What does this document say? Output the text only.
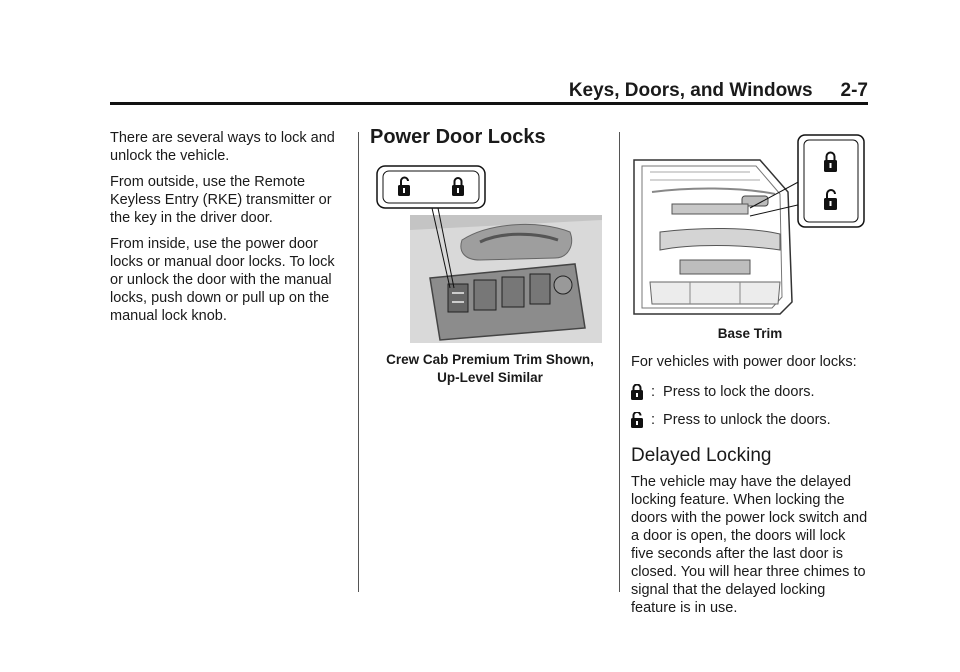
Keys, Doors, and Windows 2-7

There are several ways to lock and unlock the vehicle.

From outside, use the Remote Keyless Entry (RKE) transmitter or the key in the driver door.

From inside, use the power door locks or manual door locks. To lock or unlock the door with the manual locks, push down or pull up on the manual lock knob.

Power Door Locks
Crew Cab Premium Trim Shown,
Up-Level Similar
Base Trim

For vehicles with power door locks:

: Press to lock the doors.
: Press to unlock the doors.
Delayed Locking

The vehicle may have the delayed locking feature. When locking the doors with the power lock switch and a door is open, the doors will lock five seconds after the last door is closed. You will hear three chimes to signal that the delayed locking feature is in use.
